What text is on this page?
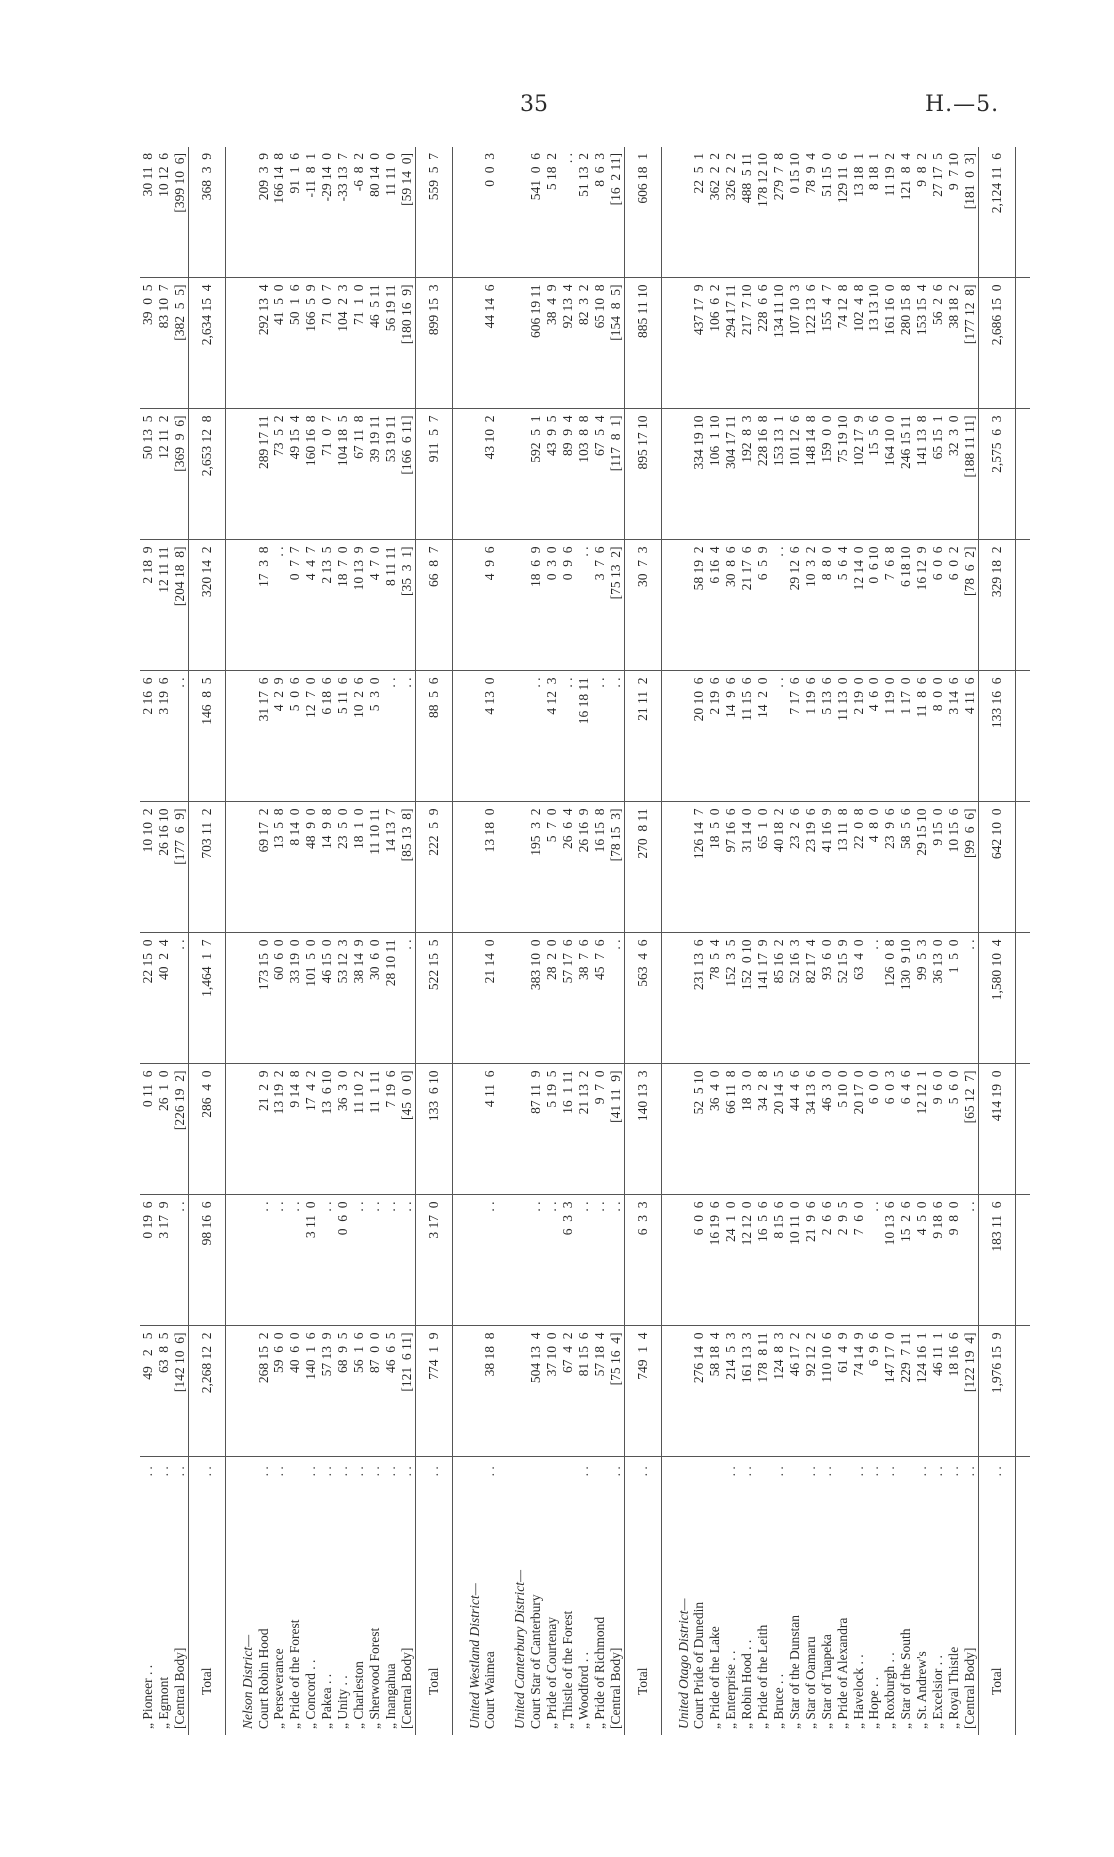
35	H.—5.
„ Pioneer . .	. .	49   2   5	0 19  6	0 11  6	22 15  0	10 10  2	2 16  6	2 18  9	50 13  5	39  0  5	30 11  8
„ Egmont	. .	63  8  5	3 17  9	26  1  0	40  2  4	26 16 10	3 19  6	12 11 11	12 11  2	83 10  7	10 12  6
[Central Body]	. .	[142 10  6]	. .	[226 19  2]	. .	[177  6  9]	. .	[204 18  8]	[369  9  6]	[382  5  5]	[399 10  6]
Total	. .	2,268 12  2	98 16  6	286  4  0	1,464  1  7	703 11  2	146  8  5	320 14  2	2,653 12  8	2,634 15  4	368  3  9

Nelson District—											
Court Robin Hood	. .	268 15  2	. .	21  2  9	173 15  0	69 17  2	31 17  6	17  3  8	289 17 11	292 13  4	209  3  9
„ Perseverance	. .	59  6  0	. .	13 19  2	60  6  0	13  5  8	4  2  9	. .	73  5  2	41  5  0	166 14  8
„ Pride of the Forest		40  6  0	. .	9 14  8	33 19  0	8 14  0	5  0  6	0  7  7	49 15  4	50  1  6	91  1  6
„ Concord . .	. .	140  1  6	3 11  0	17  4  2	101  5  0	48  9  0	12  7  0	4  4  7	160 16  8	166  5  9	-11  8  1
„ Pakea . .	. .	57 13  9	. .	13  6 10	46 15  0	14  9  8	6 18  6	2 13  5	71  0  7	71  0  7	-29 14  0
„ Unity . .	. .	68  9  5	0  6  0	36  3  0	53 12  3	23  5  0	5 11  6	18  7  0	104 18  5	104  2  3	-33 13  7
„ Charleston	. .	56  1  6	. .	11 10  2	38 14  9	18  1  0	10  2  6	10 13  9	67 11  8	71  1  0	-6  8  2
„ Sherwood Forest	. .	87  0  0	. .	11  1 11	30  6  0	11 10 11	5  3  0	4  7  0	39 19 11	46  5 11	80 14  0
„ Inangahua	. .	46  6  5	. .	7 19  6	28 10 11	14 13  7	. .	8 11 11	53 19 11	56 19 11	11 11  0
[Central Body]	. .	[121  6 11]	. .	[45  0  0]	. .	[85 13  8]	. .	[35  3  1]	[166  6 11]	[180 16  9]	[59 14  0]
Total	. .	774  1  9	3 17  0	133  6 10	522 15  5	222  5  9	88  5  6	66  8  7	911  5  7	899 15  3	559  5  7

United Westland District—											
Court Waimea	. .	38 18  8	. .	4 11  6	21 14  0	13 18  0	4 13  0	4  9  6	43 10  2	44 14  6	0  0  3

United Canterbury District—											
Court Star of Canterbury		504 13  4	. .	87 11  9	383 10  0	195  3  2	. .	18  6  9	592  5  1	606 19 11	541  0  6
„ Pride of Courtenay		37 10  0	. .	5 19  5	28  2  0	5  7  0	4 12  3	0  3  0	43  9  5	38  4  9	5 18  2
„ Thistle of the Forest		67  4  2	6  3  3	16  1 11	57 17  6	26  6  4	. .	0  9  6	89  9  4	92 13  4	. .
„ Woodford . .	. .	81 15  6	. .	21 13  2	38  7  6	26 16  9	16 18 11	. .	103  8  8	82  3  2	51 13  2
„ Pride of Richmond		57 18  4	. .	9  7  0	45  7  6	16 15  8	. .	3  7  6	67  5  4	65 10  8	8  6  3
[Central Body]	. .	[75 16  4]	. .	[41 11  9]	. .	[78 15  3]	. .	[75 13  2]	[117  8  1]	[154  8  5]	[16  2 11]
Total	. .	749  1  4	6  3  3	140 13  3	563  4  6	270  8 11	21 11  2	30  7  3	895 17 10	885 11 10	606 18  1

United Otago District—											
Court Pride of Dunedin		276 14  0	6  0  6	52  5 10	231 13  6	126 14  7	20 10  6	58 19  2	334 19 10	437 17  9	22  5  1
„ Pride of the Lake		58 18  4	16 19  6	36  4  0	78  5  4	18  5  0	2 19  6	6 16  4	106  1 10	106  6  2	362  2  2
„ Enterprise . .	. .	214  5  3	24  1  0	66 11  8	152  3  5	97 16  6	14  9  6	30  8  6	304 17 11	294 17 11	326  2  2
„ Robin Hood . .	. .	161 13  3	12 12  0	18  3  0	152  0 10	31 14  0	11 15  6	21 17  6	192  8  3	217  7 10	488  5 11
„ Pride of the Leith		178  8 11	16  5  6	34  2  8	141 17  9	65  1  0	14  2  0	6  5  9	228 16  8	228  6  6	178 12 10
„ Bruce . .	. .	124  8  3	8 15  6	20 14  5	85 16  2	40 18  2	. .	. .	153 13  1	134 11 10	279  7  8
„ Star of the Dunstan		46 17  2	10 11  0	44  4  6	52 16  3	23  2  6	7 17  6	29 12  6	101 12  6	107 10  3	0 15 10
„ Star of Oamaru	. .	92 12  2	21  9  6	34 13  6	82 17  4	23 19  6	1 19  6	10  3  2	148 14  8	122 13  6	78  9  4
„ Star of Tuapeka	. .	110 10  6	2  6  6	46  3  0	93  6  0	41 16  9	5 13  6	8  8  0	159  0  0	155  4  7	51 15  0
„ Pride of Alexandra		61  4  9	2  9  5	5 10  0	52 15  9	13 11  8	11 13  0	5  6  4	75 19 10	74 12  8	129 11  6
„ Havelock . .	. .	74 14  9	7  6  0	20 17  0	63  4  0	22  0  8	2 19  0	12 14  0	102 17  9	102  4  8	13 18  1
„ Hope . .	. .	6  9  6	. .	6  0  0	. .	4  8  0	4  6  0	0  6 10	15  5  6	13 13 10	8 18  1
„ Roxburgh . .	. .	147 17  0	10 13  6	6  0  3	126  0  8	23  9  6	1 19  0	7  6  8	164 10  0	161 16  0	11 19  2
„ Star of the South		229  7 11	15  2  6	6  4  6	130  9 10	58  5  6	1 17  0	6 18 10	246 15 11	280 15  8	121  8  4
„ St. Andrew's	. .	124 16  1	4  5  0	12 12  1	99  5  3	29 15 10	11  8  6	16 12  9	141 13  8	153 15  4	9  8  2
„ Excelsior . .	. .	46 11  1	9 18  6	9  6  0	36 13  0	9 15  0	8  0  0	6  0  6	65 15  1	56  2  6	27 17  5
„ Royal Thistle	. .	18 16  6	9  8  0	5  6  0	1  5  0	10 15  6	3 14  6	6  0  2	32  3  0	38 18  2	9  7 10
[Central Body]	. .	[122 19  4]	. .	[65 12  7]	. .	[99  6  6]	4 11  6	[78  6  2]	[188 11 11]	[177 12  8]	[181  0  3]
Total	. .	1,976 15  9	183 11  6	414 19  0	1,580 10  4	642 10  0	133 16  6	329 18  2	2,575  6  3	2,686 15  0	2,124 11  6
